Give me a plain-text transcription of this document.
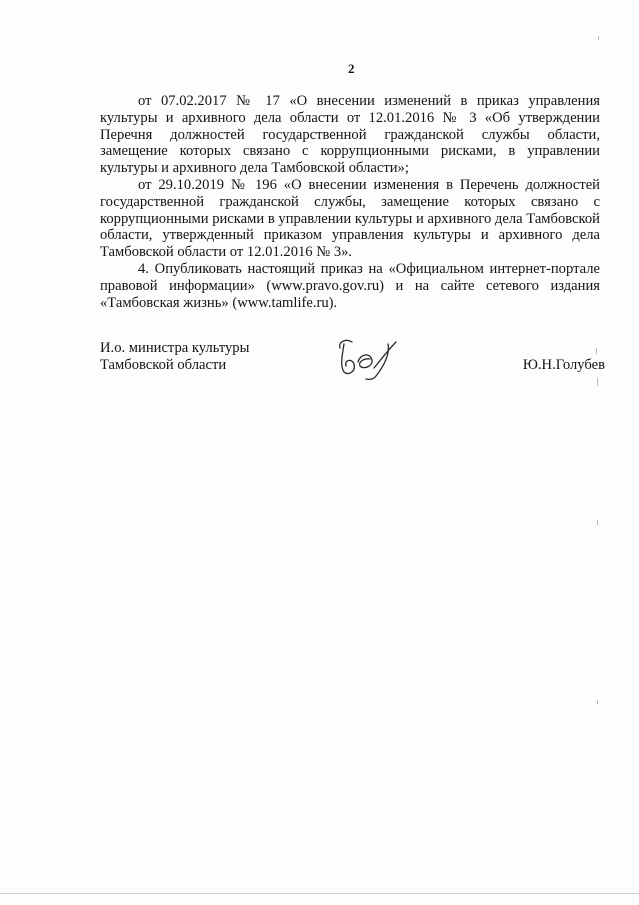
2

от 07.02.2017 № 17 «О внесении изменений в приказ управления культуры и архивного дела области от 12.01.2016 № 3 «Об утверждении Перечня должностей государственной гражданской службы области, замещение которых связано с коррупционными рисками, в управлении культуры и архивного дела Тамбовской области»;

от 29.10.2019 № 196 «О внесении изменения в Перечень должностей государственной гражданской службы, замещение которых связано с коррупционными рисками в управлении культуры и архивного дела Тамбовской области, утвержденный приказом управления культуры и архивного дела Тамбовской области от 12.01.2016 № 3».

4. Опубликовать настоящий приказ на «Официальном интернет-портале правовой информации» (www.pravo.gov.ru) и на сайте сетевого издания «Тамбовская жизнь» (www.tamlife.ru).

И.о. министра культуры
Тамбовской области	Ю.Н.Голубев
